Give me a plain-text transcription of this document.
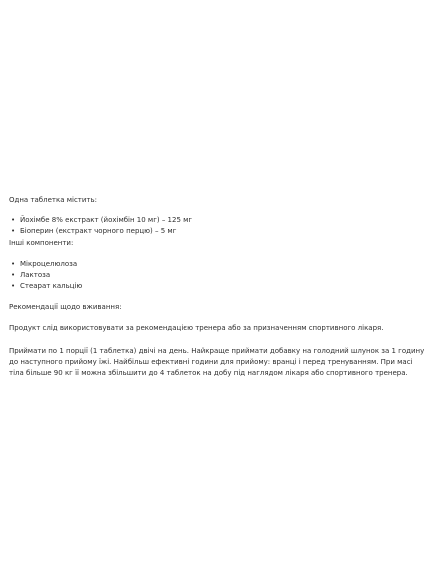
Одна таблетка містить:

• Йохімбе 8% екстракт (йохімбін 10 мг) – 125 мг
• Біоперин (екстракт чорного перцю) – 5 мг

Інші компоненти:

• Мікроцелюлоза
• Лактоза
• Стеарат кальцію

Рекомендації щодо вживання:

Продукт слід використовувати за рекомендацією тренера або за призначенням спортивного лікаря.

Приймати по 1 порції (1 таблетка) двічі на день. Найкраще приймати добавку на голодний шлунок за 1 годину до наступного прийому їжі. Найбільш ефективні години для прийому: вранці і перед тренуванням. При масі тіла більше 90 кг її можна збільшити до 4 таблеток на добу під наглядом лікаря або спортивного тренера.
